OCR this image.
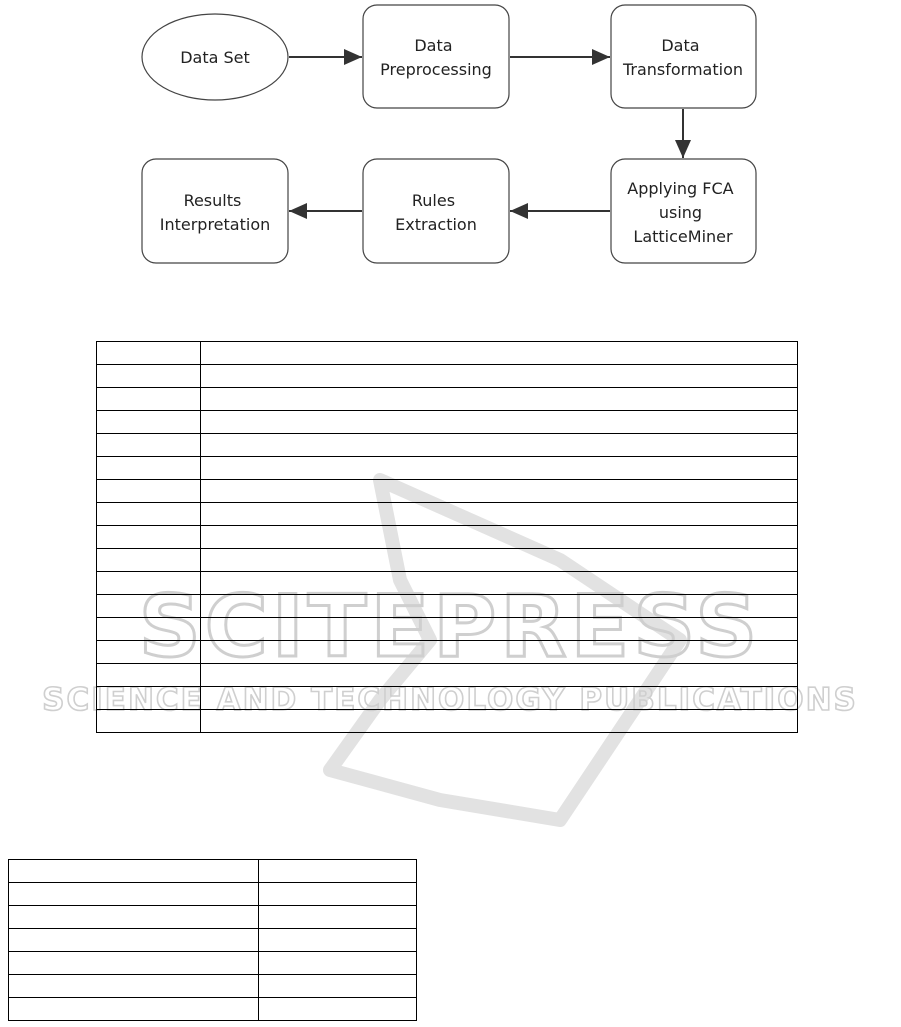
Data Set
Data Preprocessing
Data Transformation
Applying FCA using LatticeMiner
Rules Extraction
Results Interpretation
SCITEPRESS
SCIENCE AND TECHNOLOGY PUBLICATIONS
